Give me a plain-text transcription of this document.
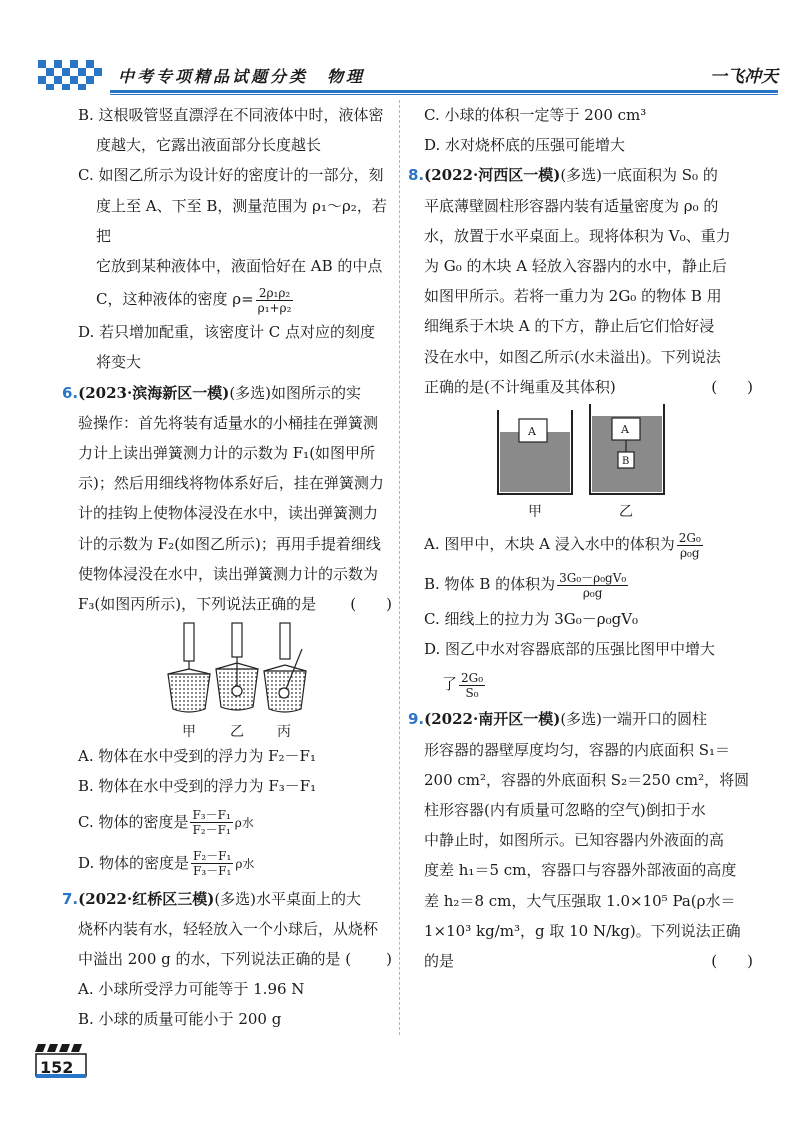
中考专项精品试题分类　物理	一飞冲天

B. 这根吸管竖直漂浮在不同液体中时，液体密

度越大，它露出液面部分长度越长

C. 如图乙所示为设计好的密度计的一部分，刻

度上至 A、下至 B，测量范围为 ρ₁～ρ₂，若把

它放到某种液体中，液面恰好在 AB 的中点

C，这种液体的密度 $\rho= \frac{\text{2ρ₁ρ₂}}{\text{ρ₁+ρ₂}}$

D. 若只增加配重，该密度计 C 点对应的刻度

将变大

6.(2023·滨海新区一模)(多选)如图所示的实

验操作：首先将装有适量水的小桶挂在弹簧测

力计上读出弹簧测力计的示数为 F₁(如图甲所

示)；然后用细线将物体系好后，挂在弹簧测力

计的挂钩上使物体浸没在水中，读出弹簧测力

计的示数为 F₂(如图乙所示)；再用手提着细线

使物体浸没在水中，读出弹簧测力计的示数为

F₃(如图丙所示)，下列说法正确的是 (　　)

甲 乙 丙

A. 物体在水中受到的浮力为 F₂－F₁

B. 物体在水中受到的浮力为 F₃－F₁

C. 物体的密度是 $\frac{\text{F₃－F₁}}{\text{F₂－F₁}}$ ρ水

D. 物体的密度是 $\frac{\text{F₂－F₁}}{\text{F₃－F₁}}$ ρ水

7.(2022·红桥区三模)(多选)水平桌面上的大

烧杯内装有水，轻轻放入一个小球后，从烧杯

中溢出 200 g 的水，下列说法正确的是 ( )

A. 小球所受浮力可能等于 1.96 N

B. 小球的质量可能小于 200 g

C. 小球的体积一定等于 200 cm³

D. 水对烧杯底的压强可能增大

8.(2022·河西区一模)(多选)一底面积为 S₀ 的

平底薄壁圆柱形容器内装有适量密度为 ρ₀ 的

水，放置于水平桌面上。现将体积为 V₀、重力

为 G₀ 的木块 A 轻放入容器内的水中，静止后

如图甲所示。若将一重力为 2G₀ 的物体 B 用

细绳系于木块 A 的下方，静止后它们恰好浸

没在水中，如图乙所示(水未溢出)。下列说法

正确的是(不计绳重及其体积)	(　　)

A	A
B
甲	乙

A. 图甲中，木块 A 浸入水中的体积为 $\frac{\text{2G₀}}{\text{ρ₀g}}$

B. 物体 B 的体积为 $\frac{\text{3G₀－ρ₀gV₀}}{\text{ρ₀g}}$

C. 细线上的拉力为 3G₀－ρ₀gV₀

D. 图乙中水对容器底部的压强比图甲中增大

了 $\frac{\text{2G₀}}{\text{S₀}}$

9.(2022·南开区一模)(多选)一端开口的圆柱

形容器的器壁厚度均匀，容器的内底面积 S₁＝

200 cm²，容器的外底面积 S₂＝250 cm²，将圆

柱形容器(内有质量可忽略的空气)倒扣于水

中静止时，如图所示。已知容器内外液面的高

度差 h₁＝5 cm，容器口与容器外部液面的高度

差 h₂＝8 cm，大气压强取 1.0×10⁵ Pa(ρ水＝

1×10³ kg/m³，g 取 10 N/kg)。下列说法正确

的是	(　　)

152
